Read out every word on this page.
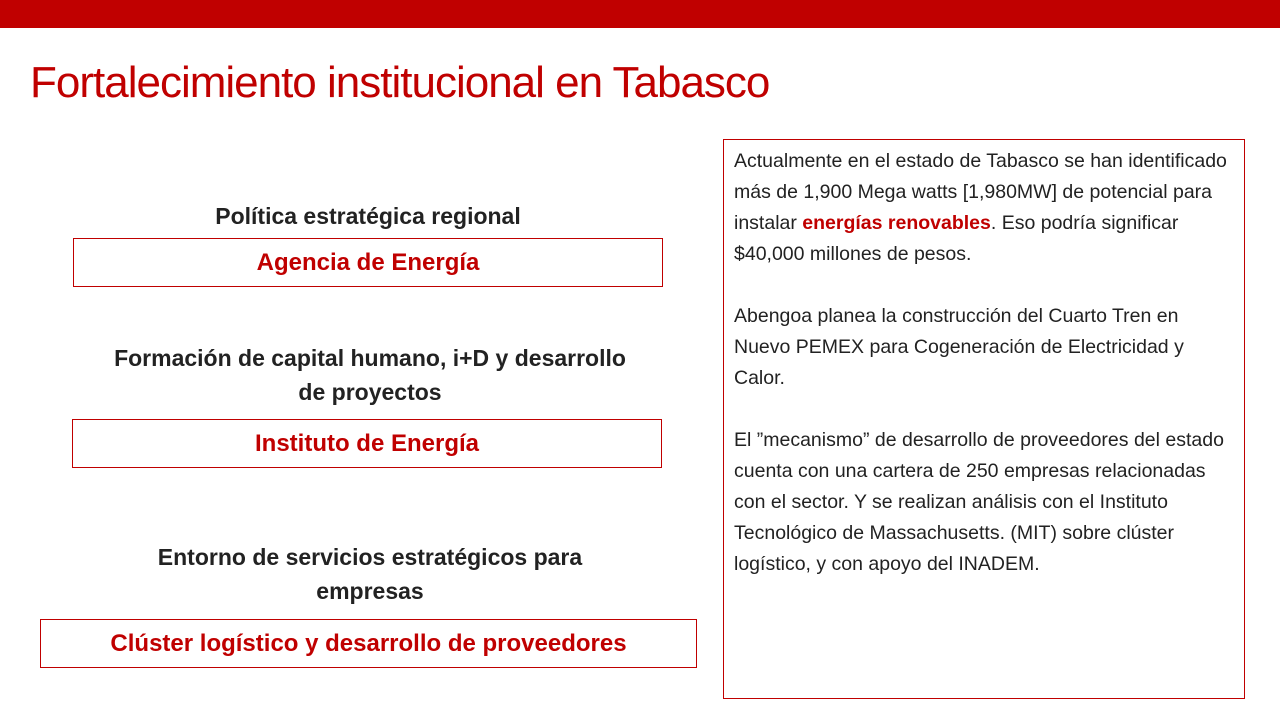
Fortalecimiento institucional en Tabasco
Política estratégica regional
Agencia de Energía
Formación de capital humano, i+D y desarrollo de proyectos
Instituto de Energía
Entorno de servicios estratégicos para empresas
Clúster logístico y desarrollo de proveedores

Actualmente en el estado de Tabasco se han identificado más de 1,900 Mega watts [1,980MW] de potencial para instalar energías renovables. Eso podría significar $40,000 millones de pesos.

Abengoa planea la construcción del Cuarto Tren en Nuevo PEMEX para Cogeneración de Electricidad y Calor.

El ”mecanismo” de desarrollo de proveedores del estado cuenta con una cartera de 250 empresas relacionadas con el sector. Y se realizan análisis con el Instituto Tecnológico de Massachusetts. (MIT) sobre clúster logístico, y con apoyo del INADEM.
